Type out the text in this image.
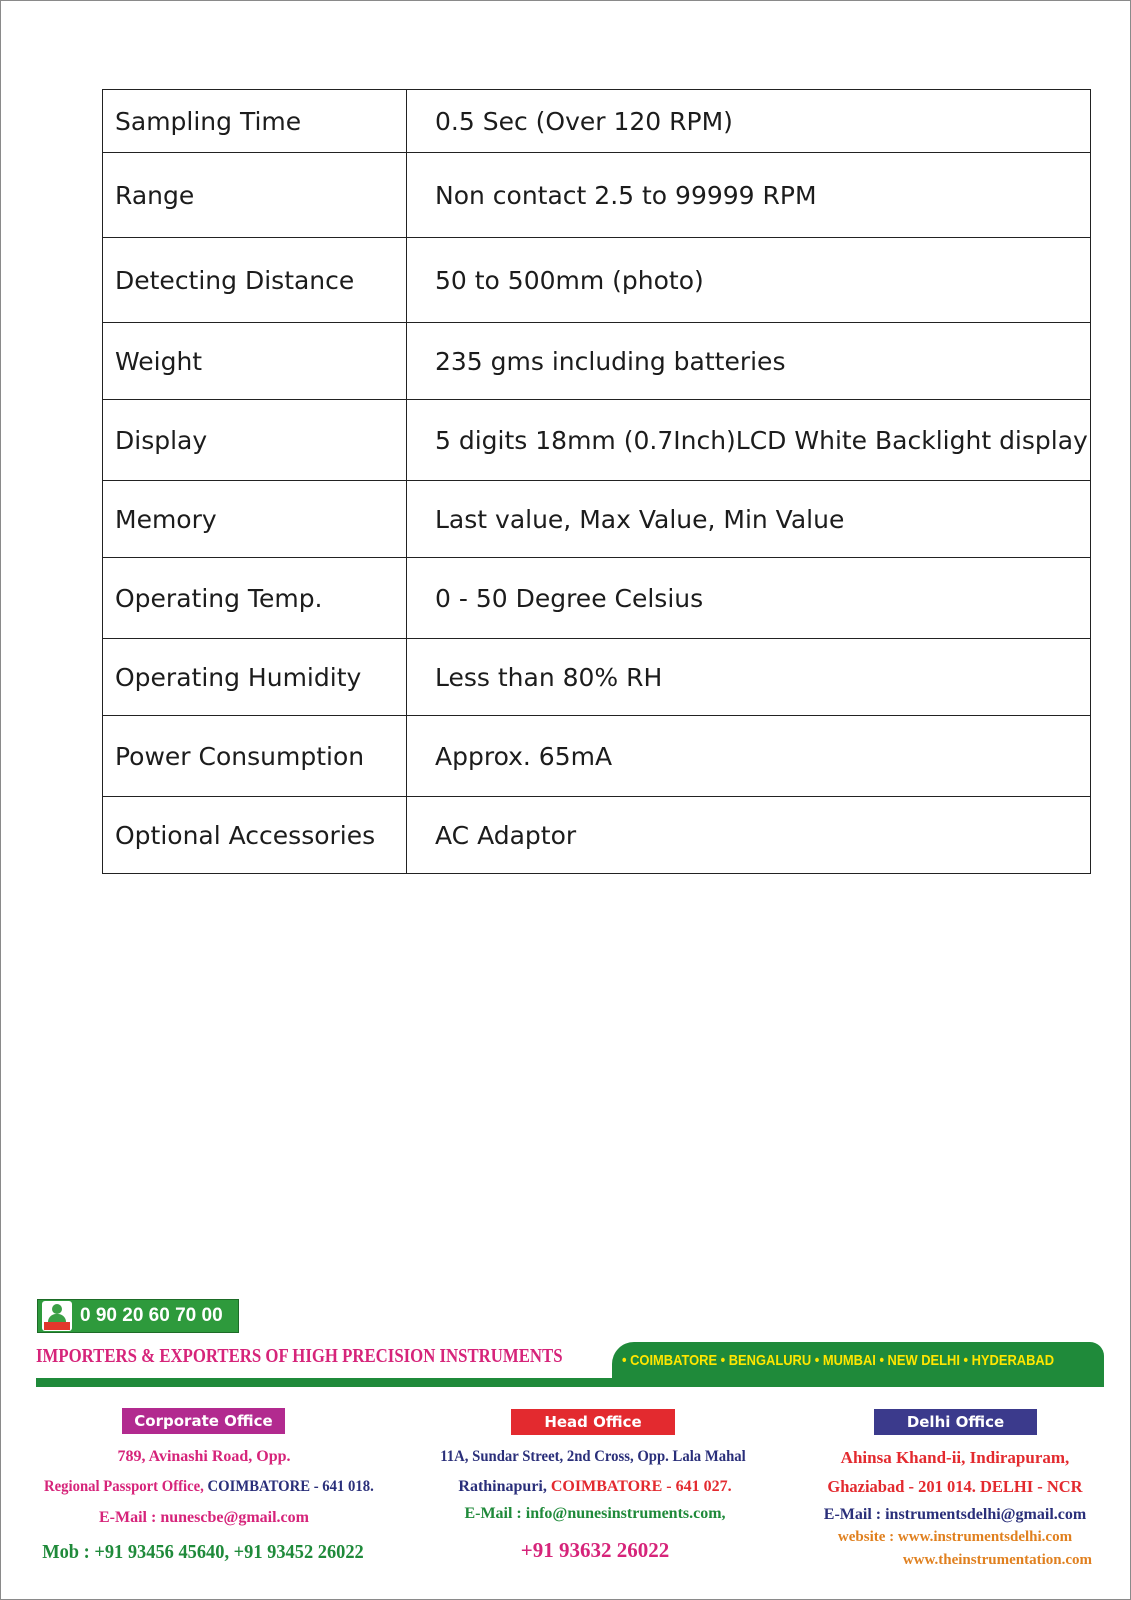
Sampling Time	0.5 Sec (Over 120 RPM)
Range	Non contact 2.5 to 99999 RPM
Detecting Distance	50 to 500mm (photo)
Weight	235 gms including batteries
Display	5 digits 18mm (0.7Inch)LCD White Backlight display
Memory	Last value, Max Value, Min Value
Operating Temp.	0 - 50 Degree Celsius
Operating Humidity	Less than 80% RH
Power Consumption	Approx. 65mA
Optional Accessories	AC Adaptor
0 90 20 60 70 00
IMPORTERS & EXPORTERS OF HIGH PRECISION INSTRUMENTS	• COIMBATORE • BENGALURU • MUMBAI • NEW DELHI • HYDERABAD
Corporate Office
789, Avinashi Road, Opp.
Regional Passport Office, COIMBATORE - 641 018.
E-Mail : nunescbe@gmail.com
Mob : +91 93456 45640, +91 93452 26022
Head Office
11A, Sundar Street, 2nd Cross, Opp. Lala Mahal
Rathinapuri, COIMBATORE - 641 027.
E-Mail : info@nunesinstruments.com,
+91 93632 26022
Delhi Office
Ahinsa Khand-ii, Indirapuram,
Ghaziabad - 201 014. DELHI - NCR
E-Mail : instrumentsdelhi@gmail.com
website : www.instrumentsdelhi.com
www.theinstrumentation.com
